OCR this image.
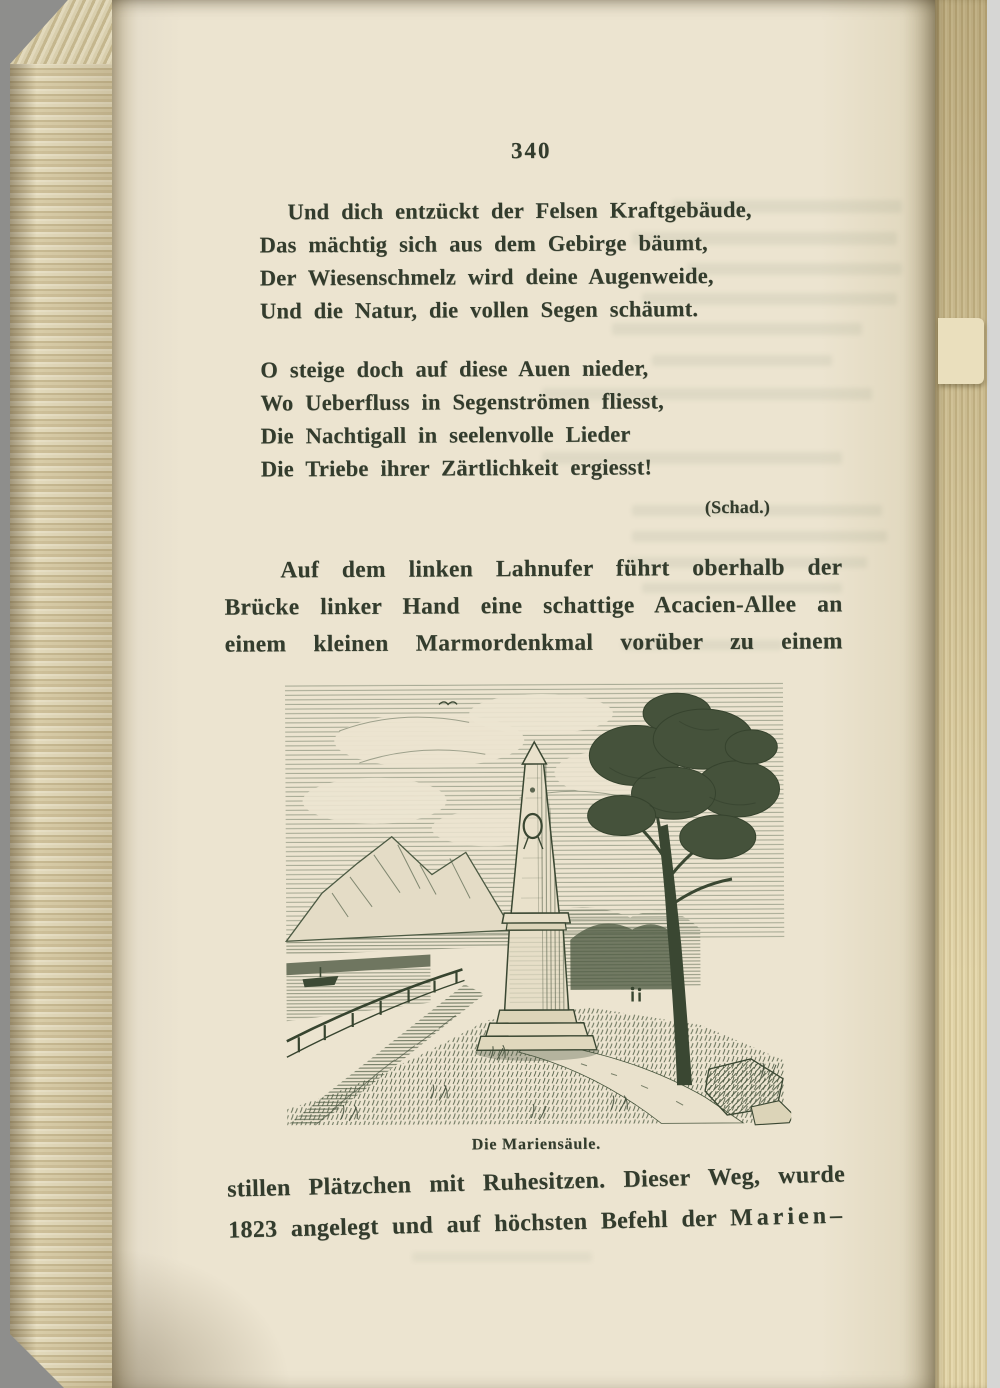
340
Und dich entzückt der Felsen Kraftgebäude,
Das mächtig sich aus dem Gebirge bäumt,
Der Wiesenschmelz wird deine Augenweide,
Und die Natur, die vollen Segen schäumt.
O steige doch auf diese Auen nieder,
Wo Ueberfluss in Segenströmen fliesst,
Die Nachtigall in seelenvolle Lieder
Die Triebe ihrer Zärtlichkeit ergiesst!
(Schad.)
Auf dem linken Lahnufer führt oberhalb der
Brücke linker Hand eine schattige Acacien-Allee an
einem kleinen Marmordenkmal vorüber zu einem
Die Mariensäule.
stillen Plätzchen mit Ruhesitzen. Dieser Weg, wurde
1823 angelegt und auf höchsten Befehl der Marien–
